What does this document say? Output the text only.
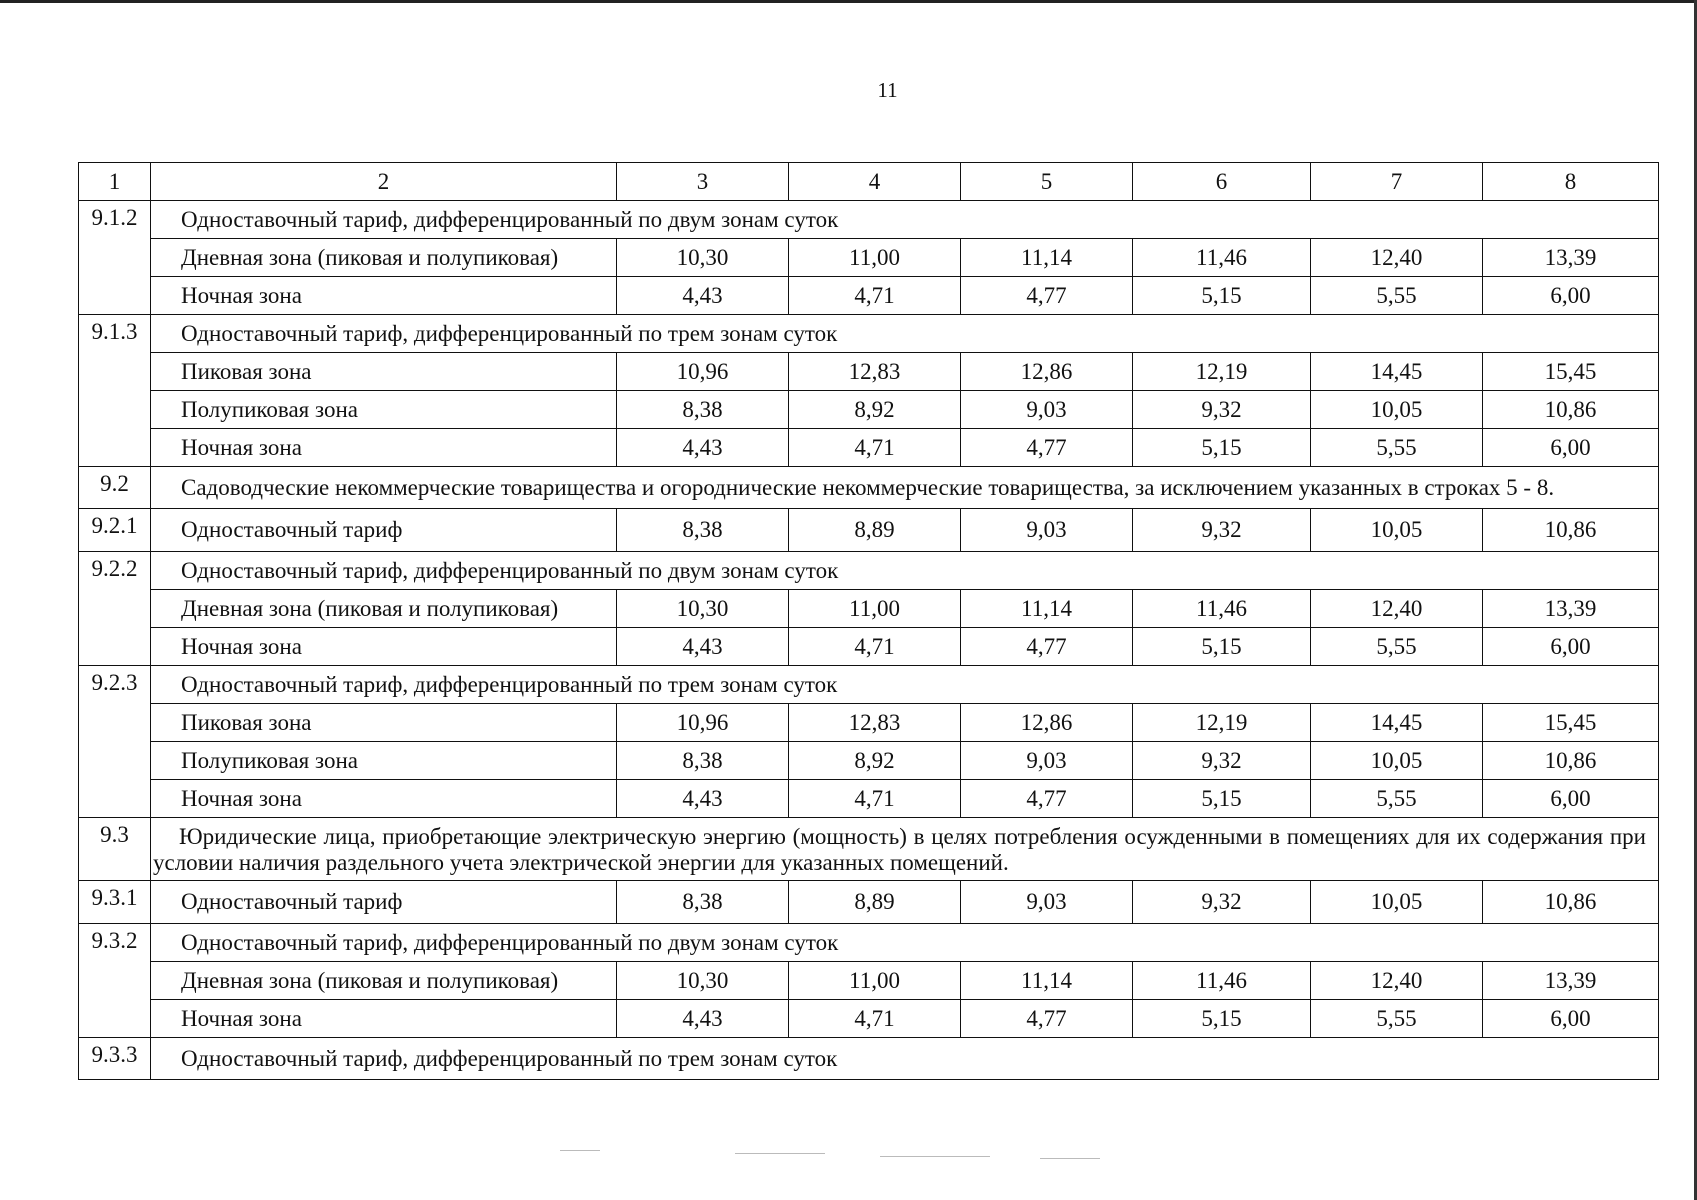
11
1	2	3	4	5	6	7	8
9.1.2	Одноставочный тариф, дифференцированный по двум зонам суток						
	Дневная зона (пиковая и полупиковая)	10,30	11,00	11,14	11,46	12,40	13,39
	Ночная зона	4,43	4,71	4,77	5,15	5,55	6,00
9.1.3	Одноставочный тариф, дифференцированный по трем зонам суток						
	Пиковая зона	10,96	12,83	12,86	12,19	14,45	15,45
	Полупиковая зона	8,38	8,92	9,03	9,32	10,05	10,86
	Ночная зона	4,43	4,71	4,77	5,15	5,55	6,00
9.2	Садоводческие некоммерческие товарищества и огороднические некоммерческие товарищества, за исключением указанных в строках 5 - 8.						
9.2.1	Одноставочный тариф	8,38	8,89	9,03	9,32	10,05	10,86
9.2.2	Одноставочный тариф, дифференцированный по двум зонам суток						
	Дневная зона (пиковая и полупиковая)	10,30	11,00	11,14	11,46	12,40	13,39
	Ночная зона	4,43	4,71	4,77	5,15	5,55	6,00
9.2.3	Одноставочный тариф, дифференцированный по трем зонам суток						
	Пиковая зона	10,96	12,83	12,86	12,19	14,45	15,45
	Полупиковая зона	8,38	8,92	9,03	9,32	10,05	10,86
	Ночная зона	4,43	4,71	4,77	5,15	5,55	6,00
9.3	Юридические лица, приобретающие электрическую энергию (мощность) в целях потребления осужденными в помещениях для их содержания при условии наличия раздельного учета электрической энергии для указанных помещений.						
9.3.1	Одноставочный тариф	8,38	8,89	9,03	9,32	10,05	10,86
9.3.2	Одноставочный тариф, дифференцированный по двум зонам суток						
	Дневная зона (пиковая и полупиковая)	10,30	11,00	11,14	11,46	12,40	13,39
	Ночная зона	4,43	4,71	4,77	5,15	5,55	6,00
9.3.3	Одноставочный тариф, дифференцированный по трем зонам суток						
